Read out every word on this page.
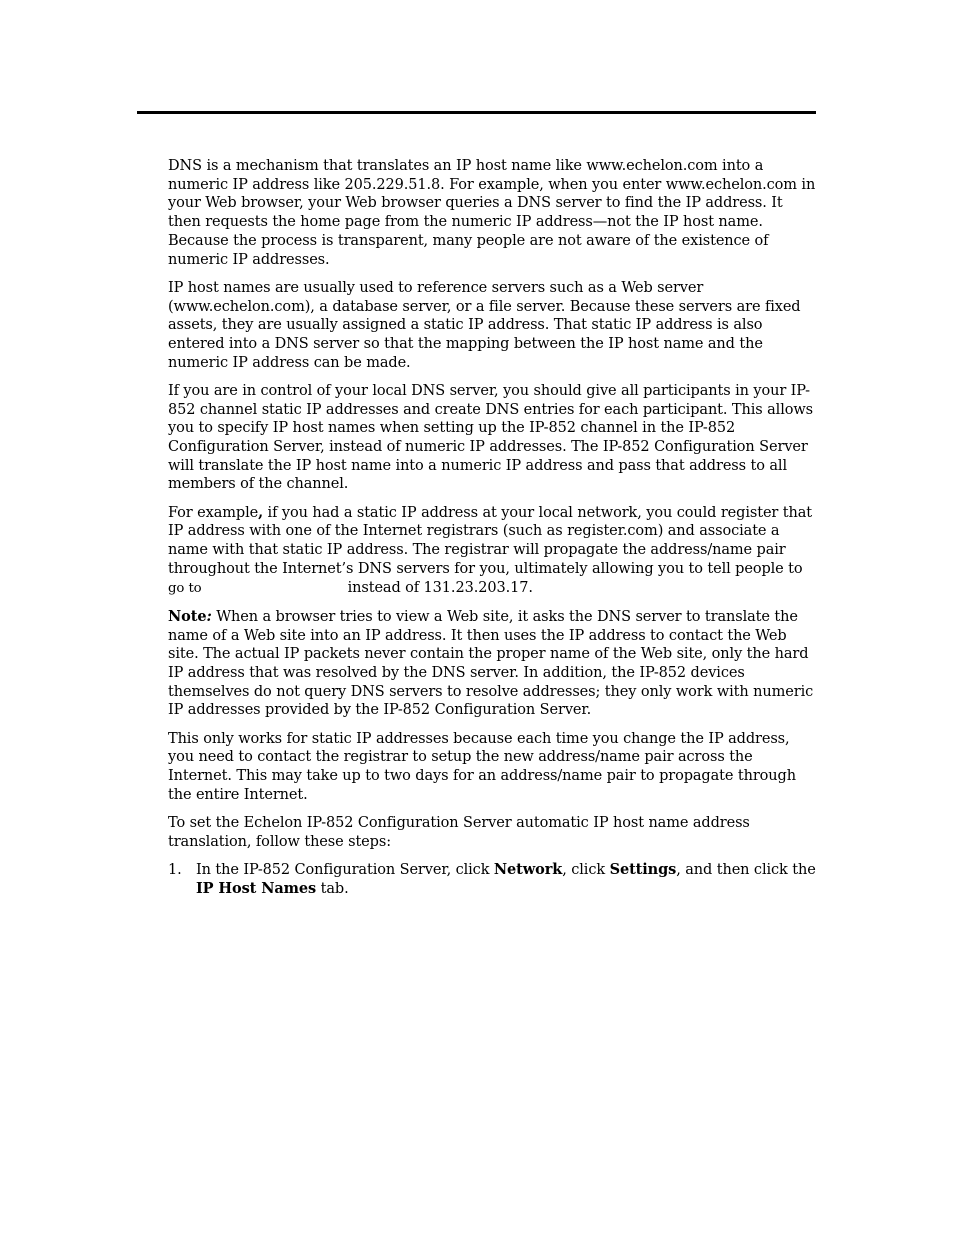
DNS is a mechanism that translates an IP host name like www.echelon.com into a numeric IP address like 205.229.51.8. For example, when you enter www.echelon.com in your Web browser, your Web browser queries a DNS server to find the IP address. It then requests the home page from the numeric IP address—not the IP host name. Because the process is transparent, many people are not aware of the existence of numeric IP addresses.

IP host names are usually used to reference servers such as a Web server (www.echelon.com), a database server, or a file server. Because these servers are fixed assets, they are usually assigned a static IP address. That static IP address is also entered into a DNS server so that the mapping between the IP host name and the numeric IP address can be made.

If you are in control of your local DNS server, you should give all participants in your IP-852 channel static IP addresses and create DNS entries for each participant. This allows you to specify IP host names when setting up the IP-852 channel in the IP-852 Configuration Server, instead of numeric IP addresses. The IP-852 Configuration Server will translate the IP host name into a numeric IP address and pass that address to all members of the channel.

For example, if you had a static IP address at your local network, you could register that IP address with one of the Internet registrars (such as register.com) and associate a name with that static IP address. The registrar will propagate the address/name pair throughout the Internet’s DNS servers for you, ultimately allowing you to tell people to go to	instead of 131.23.203.17.

Note: When a browser tries to view a Web site, it asks the DNS server to translate the name of a Web site into an IP address. It then uses the IP address to contact the Web site. The actual IP packets never contain the proper name of the Web site, only the hard IP address that was resolved by the DNS server. In addition, the IP-852 devices themselves do not query DNS servers to resolve addresses; they only work with numeric IP addresses provided by the IP-852 Configuration Server.

This only works for static IP addresses because each time you change the IP address, you need to contact the registrar to setup the new address/name pair across the Internet. This may take up to two days for an address/name pair to propagate through the entire Internet.

To set the Echelon IP-852 Configuration Server automatic IP host name address translation, follow these steps:

1. In the IP-852 Configuration Server, click Network, click Settings, and then click the IP Host Names tab.
